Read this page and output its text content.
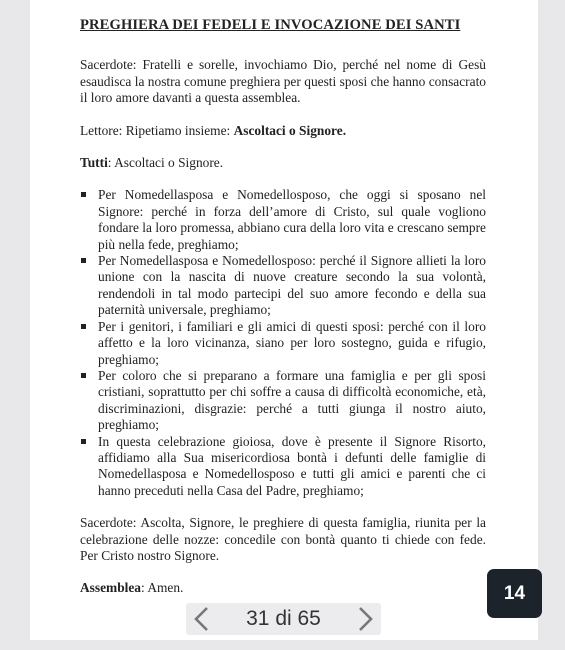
PREGHIERA DEI FEDELI E INVOCAZIONE DEI SANTI

Sacerdote: Fratelli e sorelle, invochiamo Dio, perché nel nome di Gesù esaudisca la nostra comune preghiera per questi sposi che hanno consacrato il loro amore davanti a questa assemblea.

Lettore: Ripetiamo insieme: Ascoltaci o Signore.

Tutti: Ascoltaci o Signore.

Per Nomedellasposa e Nomedellosposo, che oggi si sposano nel Signore: perché in forza dell’amore di Cristo, sul quale vogliono fondare la loro promessa, abbiano cura della loro vita e crescano sempre più nella fede, preghiamo;
Per Nomedellasposa e Nomedellosposo: perché il Signore allieti la loro unione con la nascita di nuove creature secondo la sua volontà, rendendoli in tal modo partecipi del suo amore fecondo e della sua paternità universale, preghiamo;
Per i genitori, i familiari e gli amici di questi sposi: perché con il loro affetto e la loro vicinanza, siano per loro sostegno, guida e rifugio, preghiamo;
Per coloro che si preparano a formare una famiglia e per gli sposi cristiani, soprattutto per chi soffre a causa di difficoltà economiche, età, discriminazioni, disgrazie: perché a tutti giunga il nostro aiuto, preghiamo;
In questa celebrazione gioiosa, dove è presente il Signore Risorto, affidiamo alla Sua misericordiosa bontà i defunti delle famiglie di Nomedellasposa e Nomedellosposo e tutti gli amici e parenti che ci hanno preceduti nella Casa del Padre, preghiamo;

Sacerdote: Ascolta, Signore, le preghiere di questa famiglia, riunita per la celebrazione delle nozze: concedile con bontà quanto ti chiede con fede. Per Cristo nostro Signore.

Assemblea: Amen.	14
31 di 65
